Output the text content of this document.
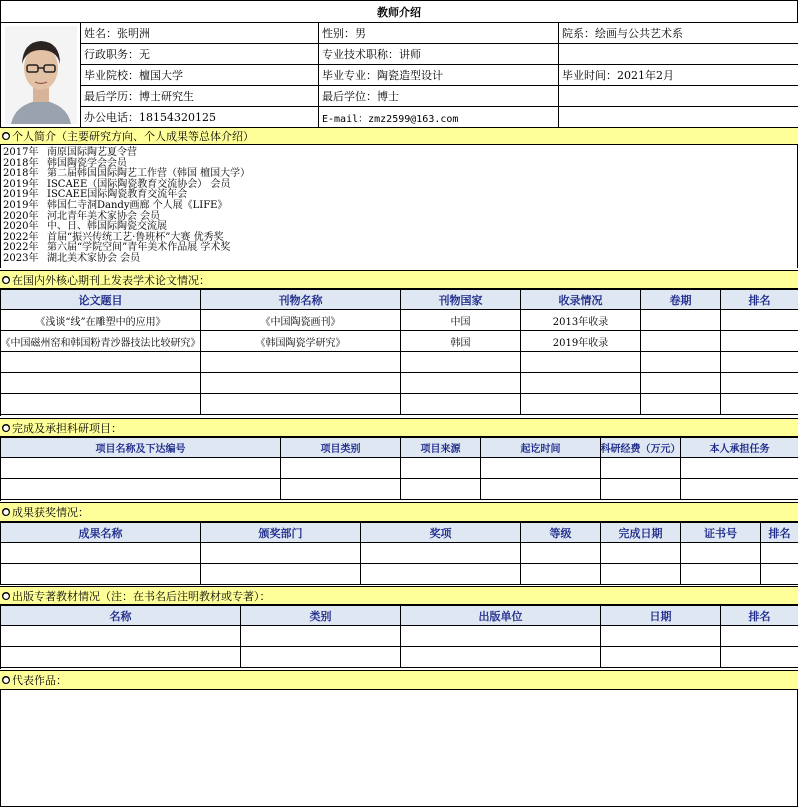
教师介绍
姓名：张明洲	性别：男	院系：绘画与公共艺术系
行政职务：无	专业技术职称：讲师
毕业院校：檀国大学	毕业专业：陶瓷造型设计	毕业时间：2021年2月
最后学历：博士研究生	最后学位：博士
办公电话：18154320125	E-mail：zmz2599@163.com
● 个人简介（主要研究方向、个人成果等总体介绍）
2017年 南原国际陶艺夏令营
2018年 韩国陶瓷学会会员
2018年 第二届韩国国际陶艺工作营（韩国 檀国大学）
2019年 ISCAEE（国际陶瓷教育交流协会） 会员
2019年 ISCAEE国际陶瓷教育交流年会
2019年 韩国仁寺洞Dandy画廊 个人展《LIFE》
2020年 河北青年美术家协会 会员
2020年 中、日、韩国际陶瓷交流展
2022年 首届“振兴传统工艺·鲁班杯”大赛 优秀奖
2022年 第六届“学院空间”青年美术作品展 学术奖
2023年 湖北美术家协会 会员
● 在国内外核心期刊上发表学术论文情况：
论文题目	刊物名称	刊物国家	收录情况	卷期	排名
《浅谈“线”在雕塑中的应用》	《中国陶瓷画刊》	中国	2013年收录
《中国磁州窑和韩国粉青沙器技法比较研究》	《韩国陶瓷学研究》	韩国	2019年收录
● 完成及承担科研项目：
项目名称及下达编号	项目类别	项目来源	起讫时间	科研经费（万元）	本人承担任务
● 成果获奖情况：
成果名称	颁奖部门	奖项	等级	完成日期	证书号	排名
● 出版专著教材情况（注：在书名后注明教材或专著）：
名称	类别	出版单位	日期	排名
● 代表作品：
